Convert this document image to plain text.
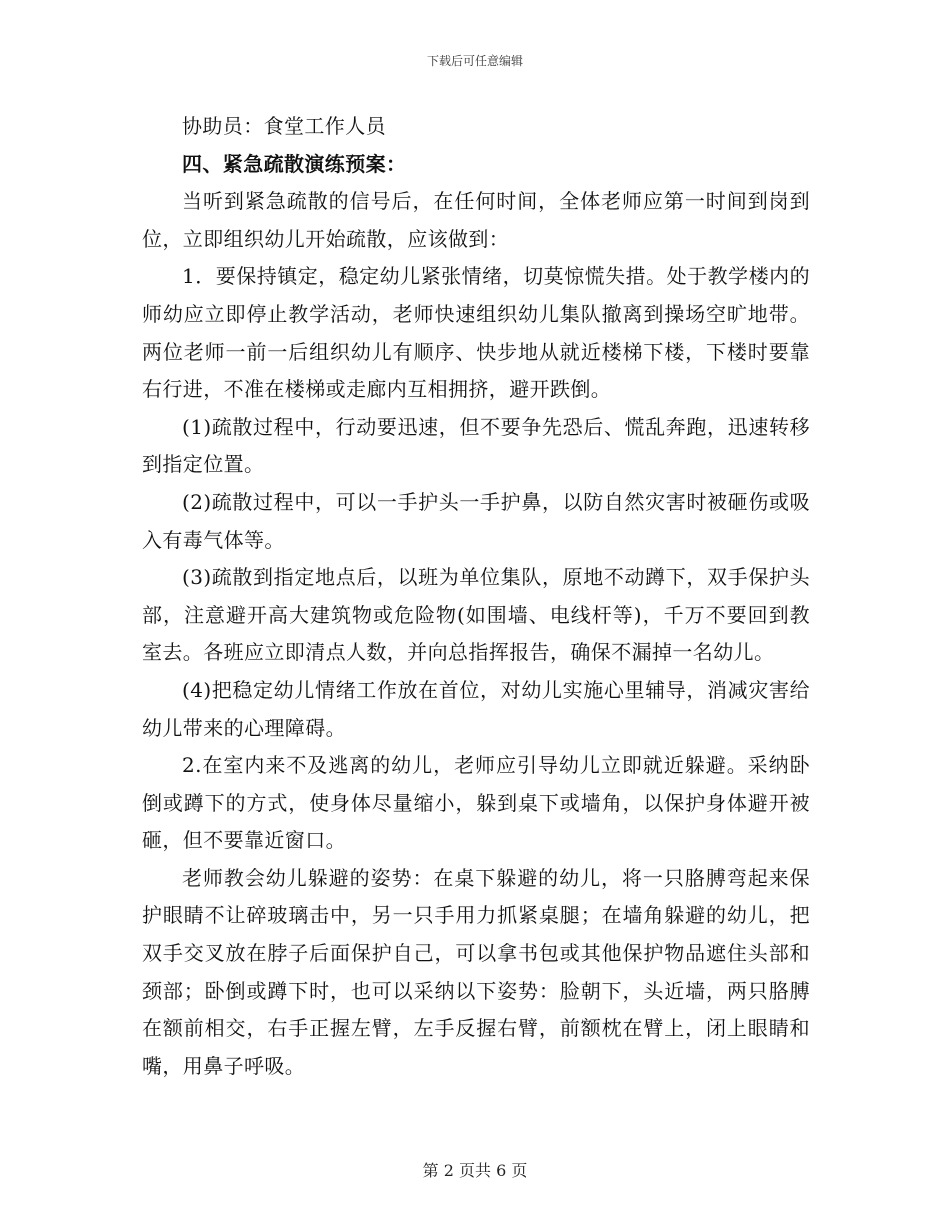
下载后可任意编辑

协助员：食堂工作人员

四、紧急疏散演练预案：

当听到紧急疏散的信号后，在任何时间，全体老师应第一时间到岗到位，立即组织幼儿开始疏散，应该做到：

1．要保持镇定，稳定幼儿紧张情绪，切莫惊慌失措。处于教学楼内的师幼应立即停止教学活动，老师快速组织幼儿集队撤离到操场空旷地带。两位老师一前一后组织幼儿有顺序、快步地从就近楼梯下楼，下楼时要靠右行进，不准在楼梯或走廊内互相拥挤，避开跌倒。

(1)疏散过程中，行动要迅速，但不要争先恐后、慌乱奔跑，迅速转移到指定位置。

(2)疏散过程中，可以一手护头一手护鼻，以防自然灾害时被砸伤或吸入有毒气体等。

(3)疏散到指定地点后，以班为单位集队，原地不动蹲下，双手保护头部，注意避开高大建筑物或危险物(如围墙、电线杆等)，千万不要回到教室去。各班应立即清点人数，并向总指挥报告，确保不漏掉一名幼儿。

(4)把稳定幼儿情绪工作放在首位，对幼儿实施心里辅导，消减灾害给幼儿带来的心理障碍。

2.在室内来不及逃离的幼儿，老师应引导幼儿立即就近躲避。采纳卧倒或蹲下的方式，使身体尽量缩小，躲到桌下或墙角，以保护身体避开被砸，但不要靠近窗口。

老师教会幼儿躲避的姿势：在桌下躲避的幼儿，将一只胳膊弯起来保护眼睛不让碎玻璃击中，另一只手用力抓紧桌腿；在墙角躲避的幼儿，把双手交叉放在脖子后面保护自己，可以拿书包或其他保护物品遮住头部和颈部；卧倒或蹲下时，也可以采纳以下姿势：脸朝下，头近墙，两只胳膊在额前相交，右手正握左臂，左手反握右臂，前额枕在臂上，闭上眼睛和嘴，用鼻子呼吸。

第 2 页共 6 页
